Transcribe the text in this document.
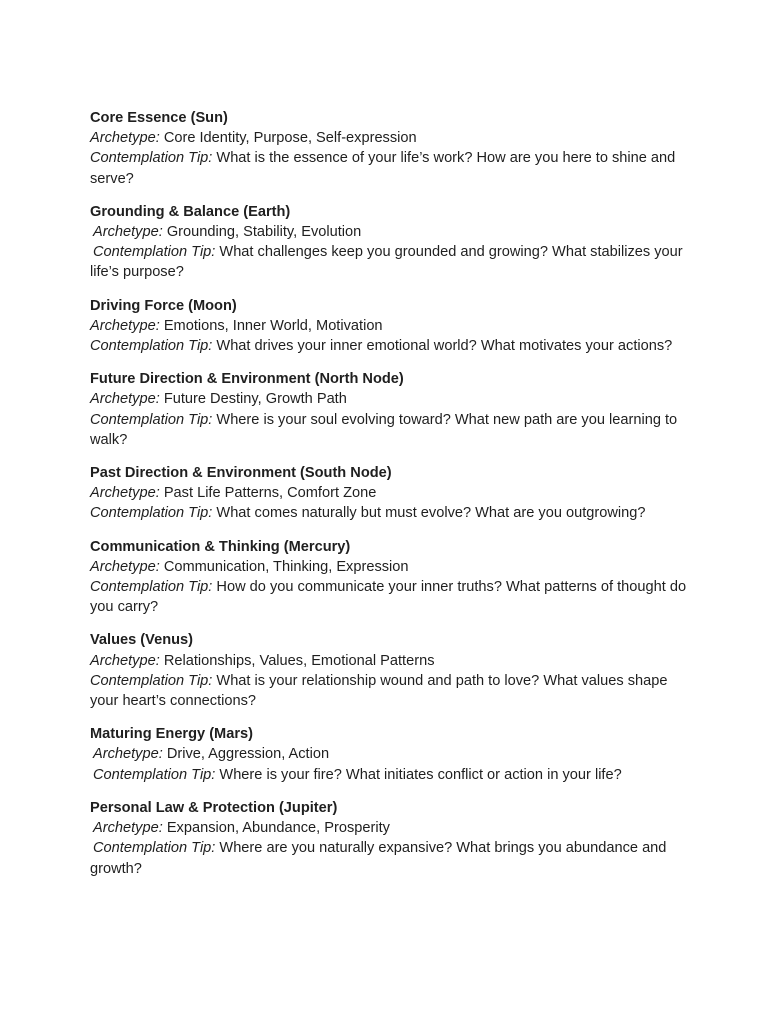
Core Essence (Sun)

Archetype: Core Identity, Purpose, Self-expression

Contemplation Tip: What is the essence of your life’s work? How are you here to shine and serve?

Grounding & Balance (Earth)

Archetype: Grounding, Stability, Evolution

Contemplation Tip: What challenges keep you grounded and growing? What stabilizes your life’s purpose?

Driving Force (Moon)

Archetype: Emotions, Inner World, Motivation

Contemplation Tip: What drives your inner emotional world? What motivates your actions?

Future Direction & Environment (North Node)

Archetype: Future Destiny, Growth Path

Contemplation Tip: Where is your soul evolving toward? What new path are you learning to walk?

Past Direction & Environment (South Node)

Archetype: Past Life Patterns, Comfort Zone

Contemplation Tip: What comes naturally but must evolve? What are you outgrowing?

Communication & Thinking (Mercury)

Archetype: Communication, Thinking, Expression

Contemplation Tip: How do you communicate your inner truths? What patterns of thought do you carry?

Values (Venus)

Archetype: Relationships, Values, Emotional Patterns

Contemplation Tip: What is your relationship wound and path to love? What values shape your heart’s connections?

Maturing Energy (Mars)

Archetype: Drive, Aggression, Action

Contemplation Tip: Where is your fire? What initiates conflict or action in your life?

Personal Law & Protection (Jupiter)

Archetype: Expansion, Abundance, Prosperity

Contemplation Tip: Where are you naturally expansive? What brings you abundance and growth?
